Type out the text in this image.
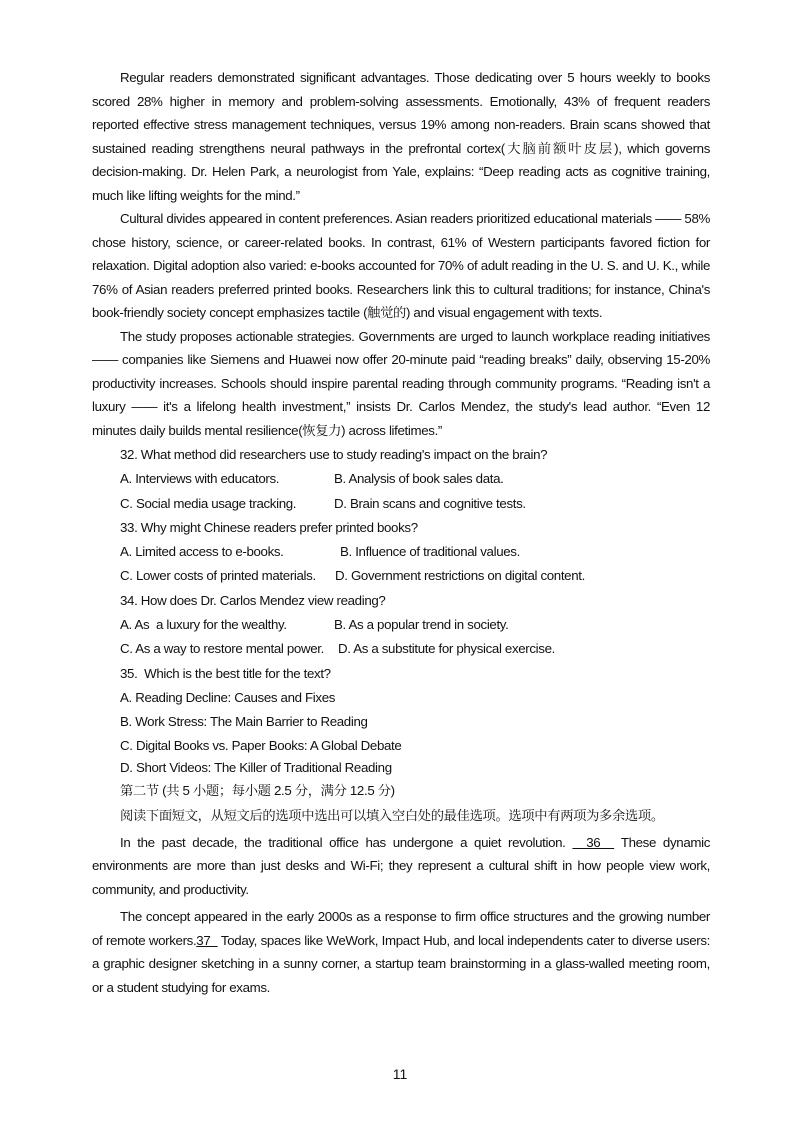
Regular readers demonstrated significant advantages. Those dedicating over 5 hours weekly to books scored 28% higher in memory and problem-solving assessments. Emotionally, 43% of frequent readers reported effective stress management techniques, versus 19% among non-readers. Brain scans showed that sustained reading strengthens neural pathways in the prefrontal cortex(大脑前额叶皮层), which governs decision-making. Dr. Helen Park, a neurologist from Yale, explains: “Deep reading acts as cognitive training, much like lifting weights for the mind.”

Cultural divides appeared in content preferences. Asian readers prioritized educational materials —— 58% chose history, science, or career-related books. In contrast, 61% of Western participants favored fiction for relaxation. Digital adoption also varied: e-books accounted for 70% of adult reading in the U. S. and U. K., while 76% of Asian readers preferred printed books. Researchers link this to cultural traditions; for instance, China's book-friendly society concept emphasizes tactile (触觉的) and visual engagement with texts.

The study proposes actionable strategies. Governments are urged to launch workplace reading initiatives —— companies like Siemens and Huawei now offer 20-minute paid “reading breaks” daily, observing 15-20% productivity increases. Schools should inspire parental reading through community programs. “Reading isn't a luxury —— it's a lifelong health investment,” insists Dr. Carlos Mendez, the study's lead author. “Even 12 minutes daily builds mental resilience(恢复力) across lifetimes.”

32. What method did researchers use to study reading's impact on the brain?

A. Interviews with educators.	B. Analysis of book sales data.

C. Social media usage tracking.	D. Brain scans and cognitive tests.

33. Why might Chinese readers prefer printed books?

A. Limited access to e-books.	B. Influence of traditional values.

C. Lower costs of printed materials. D. Government restrictions on digital content.

34. How does Dr. Carlos Mendez view reading?

A. As  a luxury for the wealthy.	B. As a popular trend in society.

C. As a way to restore mental power. D. As a substitute for physical exercise.

35.  Which is the best title for the text?

A. Reading Decline: Causes and Fixes

B. Work Stress: The Main Barrier to Reading

C. Digital Books vs. Paper Books: A Global Debate

D. Short Videos: The Killer of Traditional Reading

第二节 (共 5 小题；每小题 2.5 分，满分 12.5 分)

阅读下面短文，从短文后的选项中选出可以填入空白处的最佳选项。选项中有两项为多余选项。

In the past decade, the traditional office has undergone a quiet revolution.   36   These dynamic environments are more than just desks and Wi-Fi; they represent a cultural shift in how people view work, community, and productivity.

The concept appeared in the early 2000s as a response to firm office structures and the growing number of remote workers.37   Today, spaces like WeWork, Impact Hub, and local independents cater to diverse users: a graphic designer sketching in a sunny corner, a startup team brainstorming in a glass-walled meeting room, or a student studying for exams.

11
